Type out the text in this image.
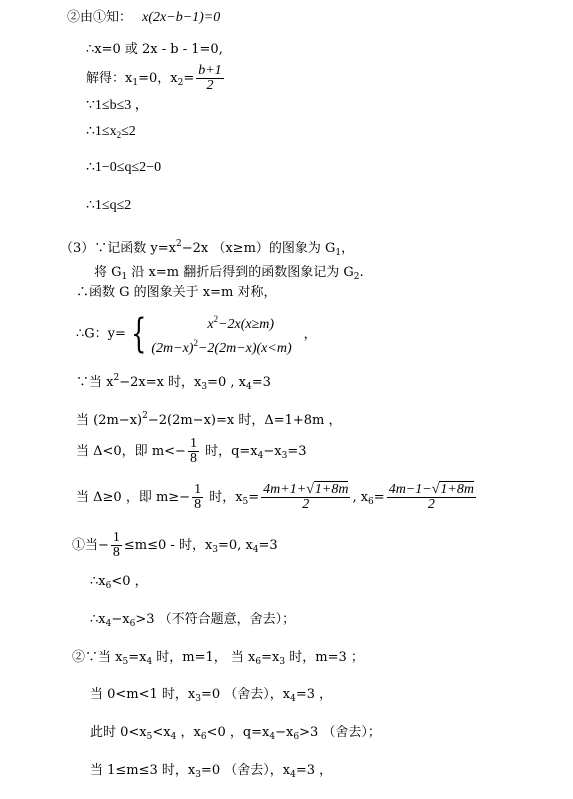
②由①知： x(2x−b−1)=0
∴x=0 或 2x - b - 1=0,
解得：$x_1=0$，$x_2= \frac{b+1}{2}$
∵1≤b≤3 ，
$\therefore 1\le x_2\le 2$
∴1−0≤q≤2−0
∴1≤q≤2
（3）∵记函数 $y=x^2-2x$ （x≥m）的图象为 $G_1$，
将 $G_1$ 沿 x=m 翻折后得到的函数图象记为 $G_2$.
∴函数 G 的图象关于 x=m 对称，
∴G：y= {	$x^2-2x(x\ge m)$
$(2m-x)^2-2(2m-x)(x<m)$
，
∵当 $x^2-2x=x$ 时，$x_3=0$ , $x_4=3$
当 $(2m-x)^2-2(2m-x)=x$ 时，Δ=1+8m ，
当 Δ<0，即 $m<- \frac{1}{8}$ 时，$q=x_4-x_3=3$
当 Δ≥0 ，即 $m\ge- \frac{1}{8}$ 时，$x_5= \frac{4m+1+√1+8m}{2}$ , $x_6= \frac{4m-1-√1+8m}{2}$
①当− $\frac{1}{8} \le m\le 0$ - 时，$x_3=0$, $x_4=3$
$\therefore x_6<0$ ，
$\therefore x_4-x_6>3$ （不符合题意，舍去）；
②∵当 $x_5=x_4$ 时，m=1， 当 $x_6=x_3$ 时，m=3 ；
当 0<m<1 时，$x_3=0$ （舍去），$x_4=3$ ，
此时 $0<x_5<x_4$ ，$x_6<0$ ，$q=x_4-x_6>3$ （舍去）；
当 1≤m≤3 时，$x_3=0$ （舍去），$x_4=3$ ，
